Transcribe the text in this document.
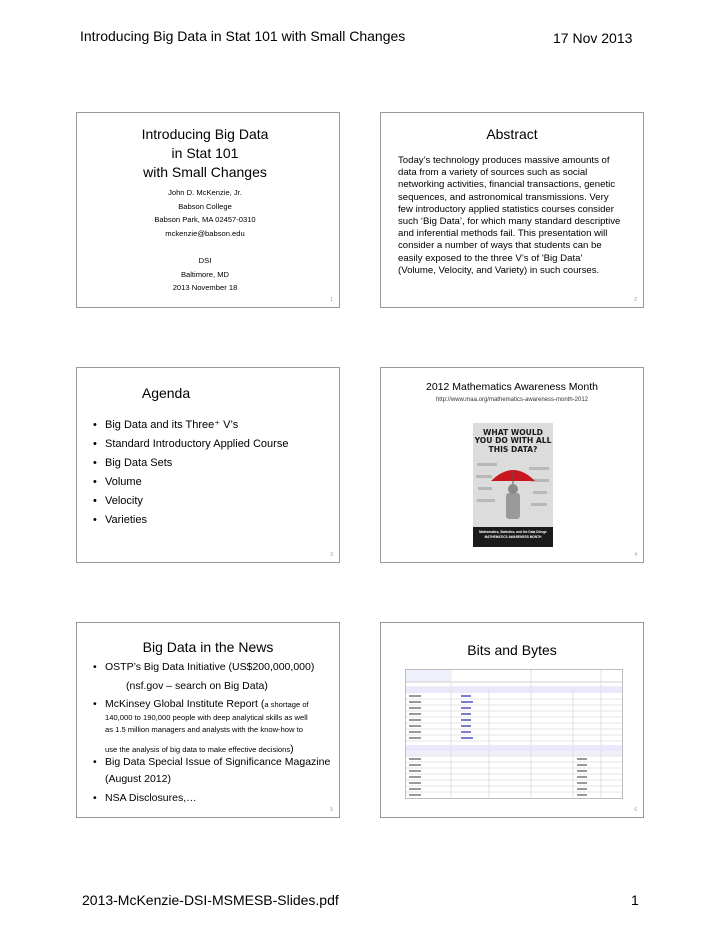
Introducing Big Data in Stat 101 with Small Changes	17 Nov 2013
Introducing Big Data
in Stat 101
with Small Changes
John D. McKenzie, Jr.
Babson College
Babson Park, MA 02457-0310
mckenzie@babson.edu
DSI
Baltimore, MD
2013 November 18
1
Abstract
Today’s technology produces massive amounts of
data from a variety of sources such as social
networking activities, financial transactions, genetic
sequences, and astronomical transmissions. Very
few introductory applied statistics courses consider
such ‘Big Data’, for which many standard descriptive
and inferential methods fail. This presentation will
consider a number of ways that students can be
easily exposed to the three V’s of 'Big Data'
(Volume, Velocity, and Variety) in such courses.
2
Agenda
• Big Data and its Three⁺ V’s
• Standard Introductory Applied Course
• Big Data Sets
• Volume
• Velocity
• Varieties
3
2012 Mathematics Awareness Month
http://www.maa.org/mathematics-awareness-month-2012
WHAT WOULD
YOU DO WITH ALL
THIS DATA?
Mathematics, Statistics, and the Data Deluge
MATHEMATICS AWARENESS MONTH
4
Big Data in the News
• OSTP’s Big Data Initiative (US$200,000,000)
(nsf.gov – search on Big Data)
• McKinsey Global Institute Report (a shortage of
140,000 to 190,000 people with deep analytical skills as well
as 1.5 million managers and analysts with the know-how to
use the analysis of big data to make effective decisions)
• Big Data Special Issue of Significance Magazine
(August 2012)
• NSA Disclosures,…
5
Bits and Bytes
6
2013-McKenzie-DSI-MSMESB-Slides.pdf	1
